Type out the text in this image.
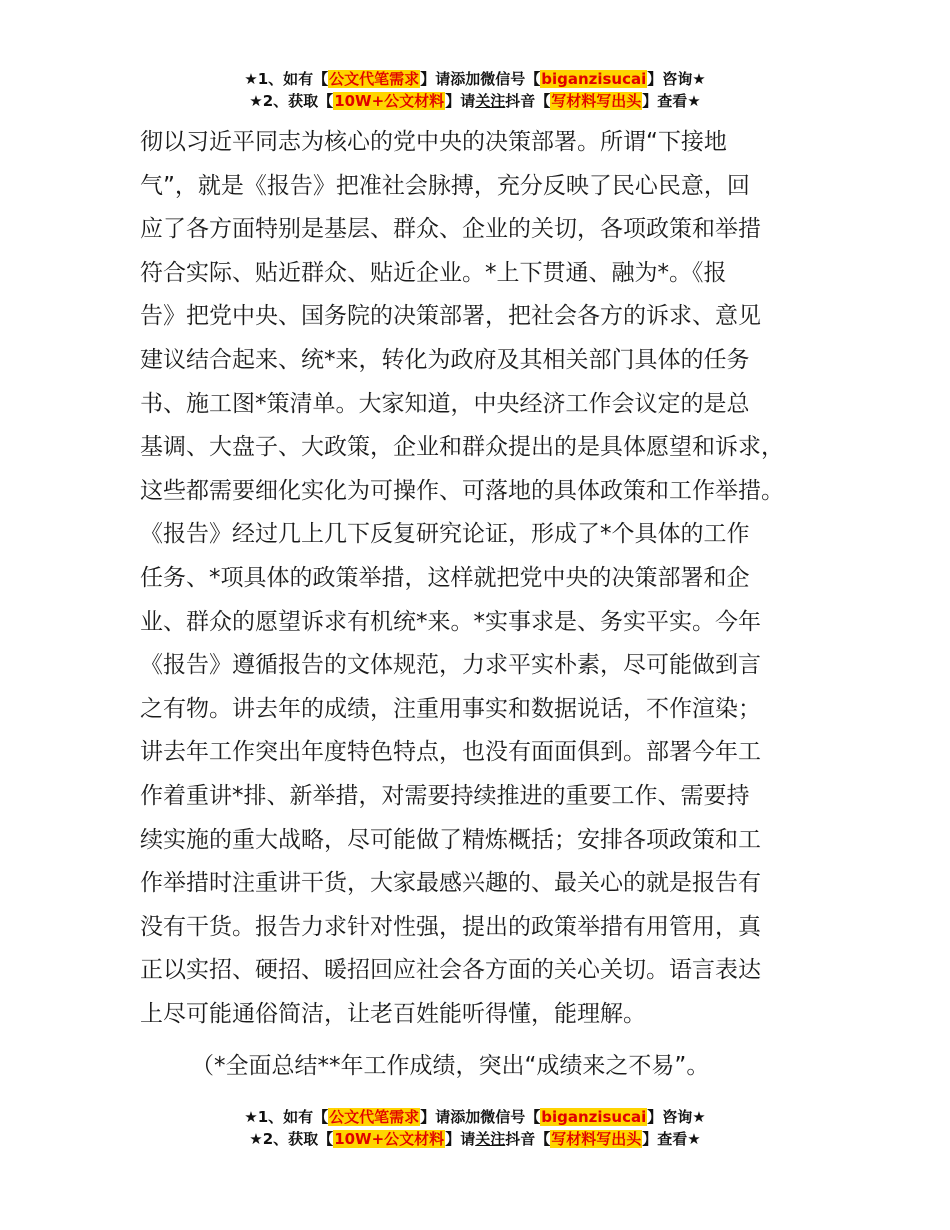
★1、如有【公文代笔需求】请添加微信号【biganzisucai】咨询★
★2、获取【10W+公文材料】请关注抖音【写材料写出头】查看★
彻以习近平同志为核心的党中央的决策部署。所谓“下接地
气”，就是《报告》把准社会脉搏，充分反映了民心民意，回
应了各方面特别是基层、群众、企业的关切，各项政策和举措
符合实际、贴近群众、贴近企业。*上下贯通、融为*。《报
告》把党中央、国务院的决策部署，把社会各方的诉求、意见
建议结合起来、统*来，转化为政府及其相关部门具体的任务
书、施工图*策清单。大家知道，中央经济工作会议定的是总
基调、大盘子、大政策，企业和群众提出的是具体愿望和诉求，
这些都需要细化实化为可操作、可落地的具体政策和工作举措。
《报告》经过几上几下反复研究论证，形成了*个具体的工作
任务、*项具体的政策举措，这样就把党中央的决策部署和企
业、群众的愿望诉求有机统*来。*实事求是、务实平实。今年
《报告》遵循报告的文体规范，力求平实朴素，尽可能做到言
之有物。讲去年的成绩，注重用事实和数据说话，不作渲染；
讲去年工作突出年度特色特点，也没有面面俱到。部署今年工
作着重讲*排、新举措，对需要持续推进的重要工作、需要持
续实施的重大战略，尽可能做了精炼概括；安排各项政策和工
作举措时注重讲干货，大家最感兴趣的、最关心的就是报告有
没有干货。报告力求针对性强，提出的政策举措有用管用，真
正以实招、硬招、暖招回应社会各方面的关心关切。语言表达
上尽可能通俗简洁，让老百姓能听得懂，能理解。
（*全面总结**年工作成绩，突出“成绩来之不易”。
★1、如有【公文代笔需求】请添加微信号【biganzisucai】咨询★
★2、获取【10W+公文材料】请关注抖音【写材料写出头】查看★
